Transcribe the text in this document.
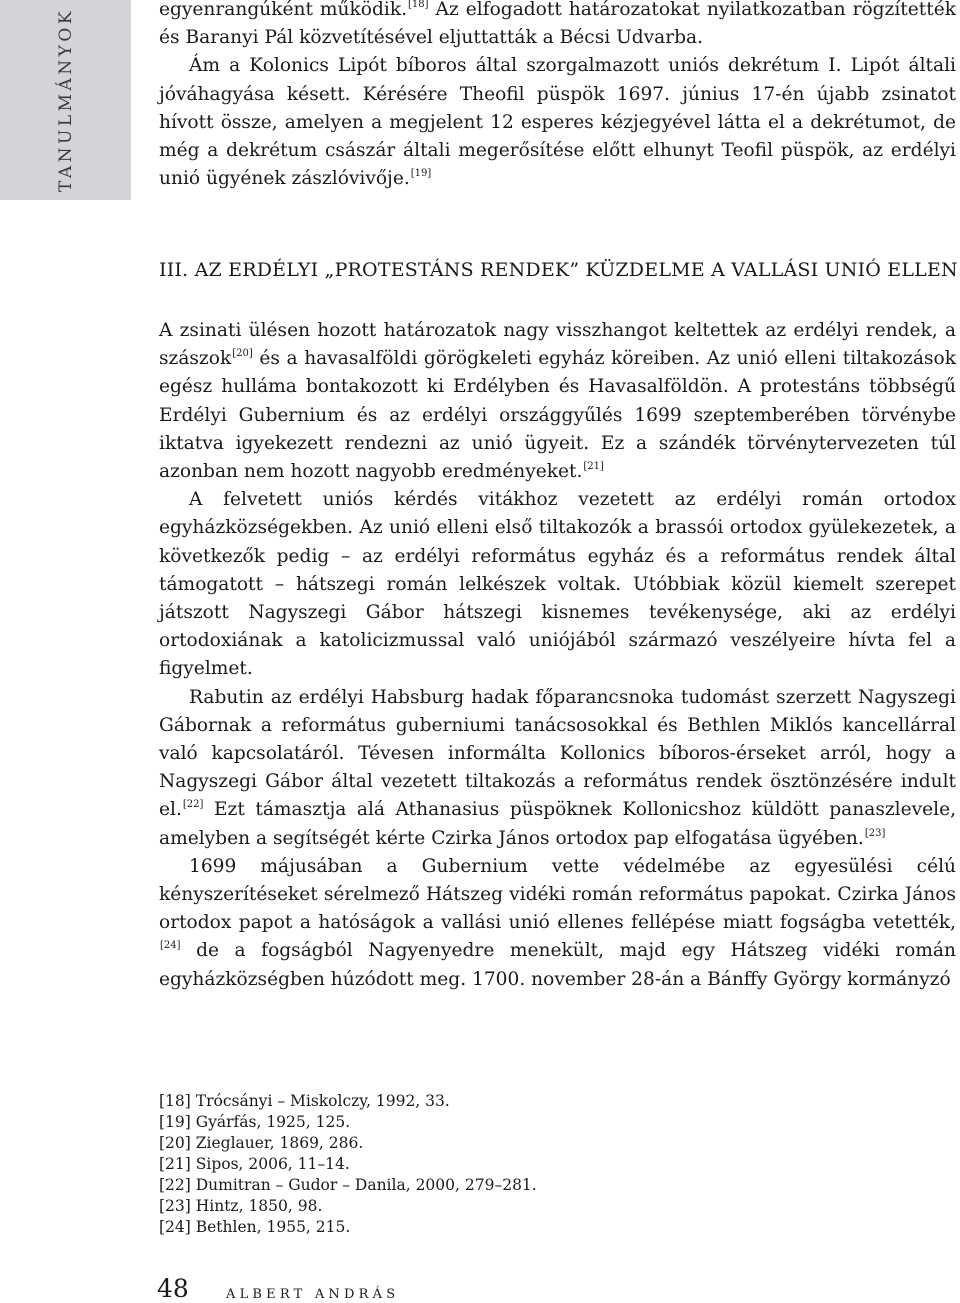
TANULMÁNYOK	egyenrangúként működik.[18] Az elfogadott határozatokat nyilatkozatban rögzítették és Baranyi Pál közvetítésével eljuttatták a Bécsi Udvarba.

Ám a Kolonics Lipót bíboros által szorgalmazott uniós dekrétum I. Lipót általi jóváhagyása késett. Kérésére Theofil püspök 1697. június 17-én újabb zsinatot hívott össze, amelyen a megjelent 12 esperes kézjegyével látta el a dekrétumot, de még a dekrétum császár általi megerősítése előtt elhunyt Teofil püspök, az erdélyi unió ügyének zászlóvivője.[19]

III. AZ ERDÉLYI „PROTESTÁNS RENDEK” KÜZDELME A VALLÁSI UNIÓ ELLEN

A zsinati ülésen hozott határozatok nagy visszhangot keltettek az erdélyi rendek, a szászok[20] és a havasalföldi görögkeleti egyház köreiben. Az unió elleni tiltakozások egész hulláma bontakozott ki Erdélyben és Havasalföldön. A protestáns többségű Erdélyi Gubernium és az erdélyi országgyűlés 1699 szeptemberében törvénybe iktatva igyekezett rendezni az unió ügyeit. Ez a szándék törvénytervezeten túl azonban nem hozott nagyobb eredményeket.[21]

A felvetett uniós kérdés vitákhoz vezetett az erdélyi román ortodox egyházközségekben. Az unió elleni első tiltakozók a brassói ortodox gyülekezetek, a következők pedig – az erdélyi református egyház és a református rendek által támogatott – hátszegi román lelkészek voltak. Utóbbiak közül kiemelt szerepet játszott Nagyszegi Gábor hátszegi kisnemes tevékenysége, aki az erdélyi ortodoxiának a katolicizmussal való uniójából származó veszélyeire hívta fel a figyelmet.

Rabutin az erdélyi Habsburg hadak főparancsnoka tudomást szerzett Nagyszegi Gábornak a református guberniumi tanácsosokkal és Bethlen Miklós kancellárral való kapcsolatáról. Tévesen informálta Kollonics bíboros-érseket arról, hogy a Nagyszegi Gábor által vezetett tiltakozás a református rendek ösztönzésére indult el.[22] Ezt támasztja alá Athanasius püspöknek Kollonicshoz küldött panaszlevele, amelyben a segítségét kérte Czirka János ortodox pap elfogatása ügyében.[23]

1699 májusában a Gubernium vette védelmébe az egyesülési célú kényszerítéseket sérelmező Hátszeg vidéki román református papokat. Czirka János ortodox papot a hatóságok a vallási unió ellenes fellépése miatt fogságba vetették,[24] de a fogságból Nagyenyedre menekült, majd egy Hátszeg vidéki román egyházközségben húzódott meg. 1700. november 28-án a Bánffy György kormányzó

[18] Trócsányi – Miskolczy, 1992, 33.
[19] Gyárfás, 1925, 125.
[20] Zieglauer, 1869, 286.
[21] Sipos, 2006, 11–14.
[22] Dumitran – Gudor – Danila, 2000, 279–281.
[23] Hintz, 1850, 98.
[24] Bethlen, 1955, 215.
48	ALBERT ANDRÁS
